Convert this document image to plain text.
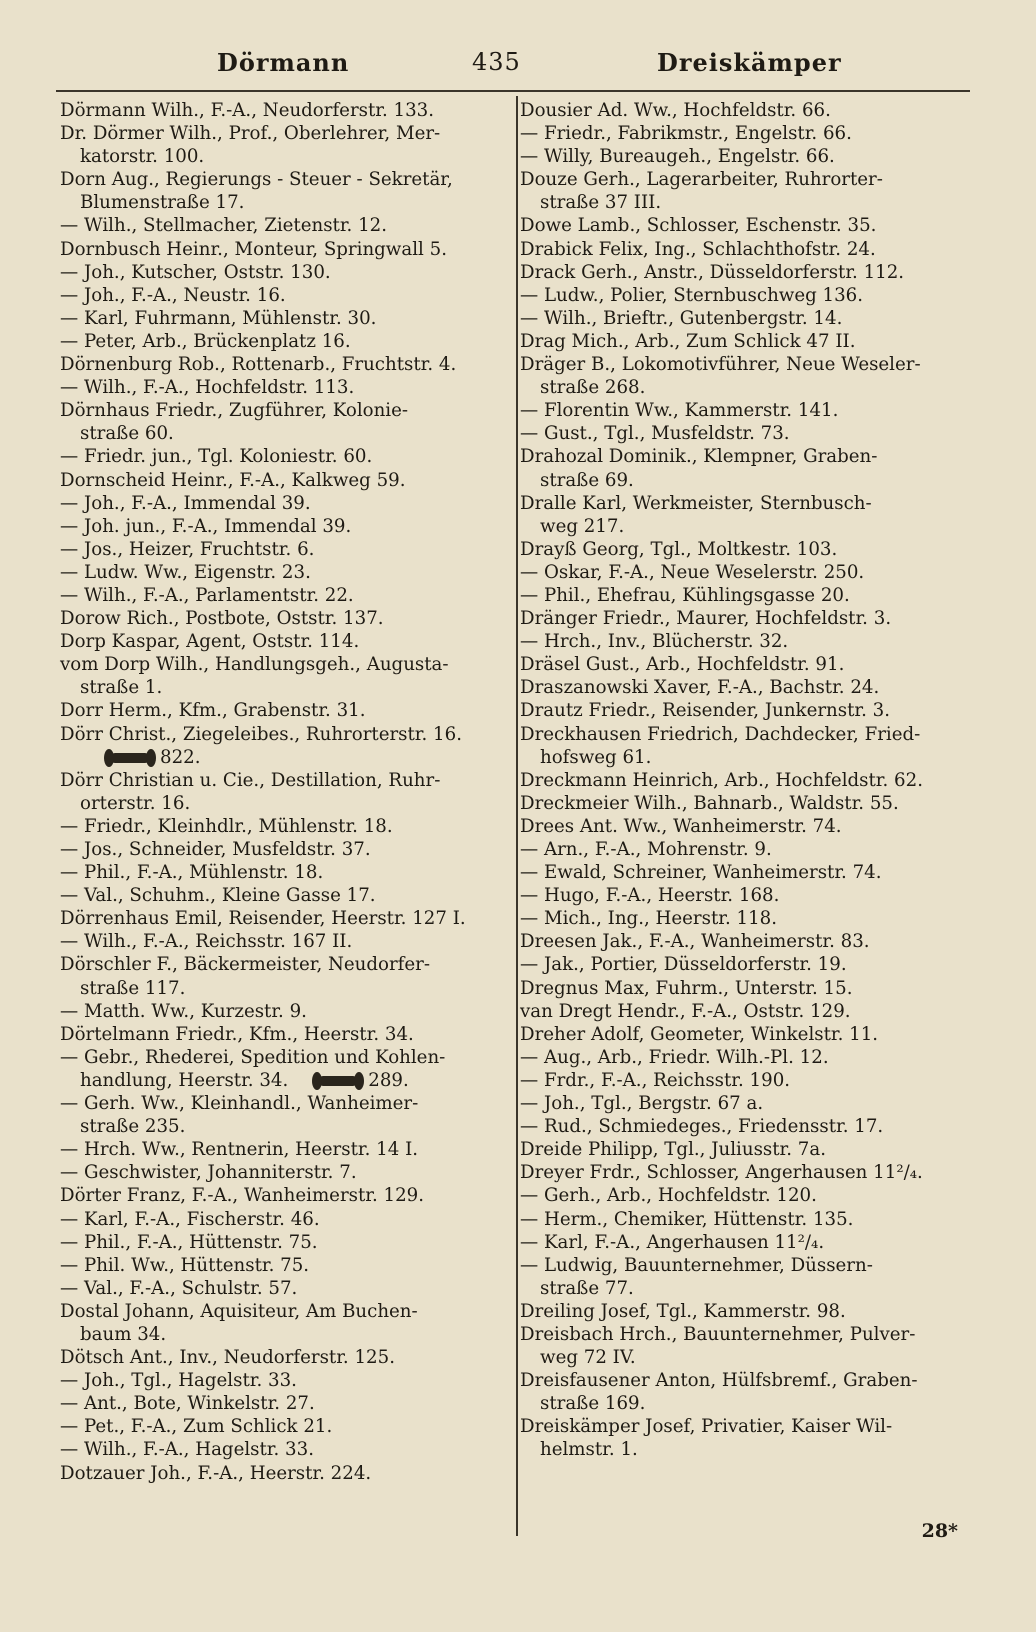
Dörmann	435	Dreiskämper
Dörmann Wilh., F.-A., Neudorferstr. 133.
Dr. Dörmer Wilh., Prof., Oberlehrer, Mer-
katorstr. 100.
Dorn Aug., Regierungs - Steuer - Sekretär,
Blumenstraße 17.
— Wilh., Stellmacher, Zietenstr. 12.
Dornbusch Heinr., Monteur, Springwall 5.
— Joh., Kutscher, Oststr. 130.
— Joh., F.-A., Neustr. 16.
— Karl, Fuhrmann, Mühlenstr. 30.
— Peter, Arb., Brückenplatz 16.
Dörnenburg Rob., Rottenarb., Fruchtstr. 4.
— Wilh., F.-A., Hochfeldstr. 113.
Dörnhaus Friedr., Zugführer, Kolonie-
straße 60.
— Friedr. jun., Tgl. Koloniestr. 60.
Dornscheid Heinr., F.-A., Kalkweg 59.
— Joh., F.-A., Immendal 39.
— Joh. jun., F.-A., Immendal 39.
— Jos., Heizer, Fruchtstr. 6.
— Ludw. Ww., Eigenstr. 23.
— Wilh., F.-A., Parlamentstr. 22.
Dorow Rich., Postbote, Oststr. 137.
Dorp Kaspar, Agent, Oststr. 114.
vom Dorp Wilh., Handlungsgeh., Augusta-
straße 1.
Dorr Herm., Kfm., Grabenstr. 31.
Dörr Christ., Ziegeleibes., Ruhrorterstr. 16.
822.
Dörr Christian u. Cie., Destillation, Ruhr-
orterstr. 16.
— Friedr., Kleinhdlr., Mühlenstr. 18.
— Jos., Schneider, Musfeldstr. 37.
— Phil., F.-A., Mühlenstr. 18.
— Val., Schuhm., Kleine Gasse 17.
Dörrenhaus Emil, Reisender, Heerstr. 127 I.
— Wilh., F.-A., Reichsstr. 167 II.
Dörschler F., Bäckermeister, Neudorfer-
straße 117.
— Matth. Ww., Kurzestr. 9.
Dörtelmann Friedr., Kfm., Heerstr. 34.
— Gebr., Rhederei, Spedition und Kohlen-
handlung, Heerstr. 34.	289.
— Gerh. Ww., Kleinhandl., Wanheimer-
straße 235.
— Hrch. Ww., Rentnerin, Heerstr. 14 I.
— Geschwister, Johanniterstr. 7.
Dörter Franz, F.-A., Wanheimerstr. 129.
— Karl, F.-A., Fischerstr. 46.
— Phil., F.-A., Hüttenstr. 75.
— Phil. Ww., Hüttenstr. 75.
— Val., F.-A., Schulstr. 57.
Dostal Johann, Aquisiteur, Am Buchen-
baum 34.
Dötsch Ant., Inv., Neudorferstr. 125.
— Joh., Tgl., Hagelstr. 33.
— Ant., Bote, Winkelstr. 27.
— Pet., F.-A., Zum Schlick 21.
— Wilh., F.-A., Hagelstr. 33.
Dotzauer Joh., F.-A., Heerstr. 224.
Dousier Ad. Ww., Hochfeldstr. 66.
— Friedr., Fabrikmstr., Engelstr. 66.
— Willy, Bureaugeh., Engelstr. 66.
Douze Gerh., Lagerarbeiter, Ruhrorter-
straße 37 III.
Dowe Lamb., Schlosser, Eschenstr. 35.
Drabick Felix, Ing., Schlachthofstr. 24.
Drack Gerh., Anstr., Düsseldorferstr. 112.
— Ludw., Polier, Sternbuschweg 136.
— Wilh., Brieftr., Gutenbergstr. 14.
Drag Mich., Arb., Zum Schlick 47 II.
Dräger B., Lokomotivführer, Neue Weseler-
straße 268.
— Florentin Ww., Kammerstr. 141.
— Gust., Tgl., Musfeldstr. 73.
Drahozal Dominik., Klempner, Graben-
straße 69.
Dralle Karl, Werkmeister, Sternbusch-
weg 217.
Drayß Georg, Tgl., Moltkestr. 103.
— Oskar, F.-A., Neue Weselerstr. 250.
— Phil., Ehefrau, Kühlingsgasse 20.
Dränger Friedr., Maurer, Hochfeldstr. 3.
— Hrch., Inv., Blücherstr. 32.
Dräsel Gust., Arb., Hochfeldstr. 91.
Draszanowski Xaver, F.-A., Bachstr. 24.
Drautz Friedr., Reisender, Junkernstr. 3.
Dreckhausen Friedrich, Dachdecker, Fried-
hofsweg 61.
Dreckmann Heinrich, Arb., Hochfeldstr. 62.
Dreckmeier Wilh., Bahnarb., Waldstr. 55.
Drees Ant. Ww., Wanheimerstr. 74.
— Arn., F.-A., Mohrenstr. 9.
— Ewald, Schreiner, Wanheimerstr. 74.
— Hugo, F.-A., Heerstr. 168.
— Mich., Ing., Heerstr. 118.
Dreesen Jak., F.-A., Wanheimerstr. 83.
— Jak., Portier, Düsseldorferstr. 19.
Dregnus Max, Fuhrm., Unterstr. 15.
van Dregt Hendr., F.-A., Oststr. 129.
Dreher Adolf, Geometer, Winkelstr. 11.
— Aug., Arb., Friedr. Wilh.-Pl. 12.
— Frdr., F.-A., Reichsstr. 190.
— Joh., Tgl., Bergstr. 67 a.
— Rud., Schmiedeges., Friedensstr. 17.
Dreide Philipp, Tgl., Juliusstr. 7a.
Dreyer Frdr., Schlosser, Angerhausen 11²/₄.
— Gerh., Arb., Hochfeldstr. 120.
— Herm., Chemiker, Hüttenstr. 135.
— Karl, F.-A., Angerhausen 11²/₄.
— Ludwig, Bauunternehmer, Düssern-
straße 77.
Dreiling Josef, Tgl., Kammerstr. 98.
Dreisbach Hrch., Bauunternehmer, Pulver-
weg 72 IV.
Dreisfausener Anton, Hülfsbremf., Graben-
straße 169.
Dreiskämper Josef, Privatier, Kaiser Wil-
helmstr. 1.
28*
